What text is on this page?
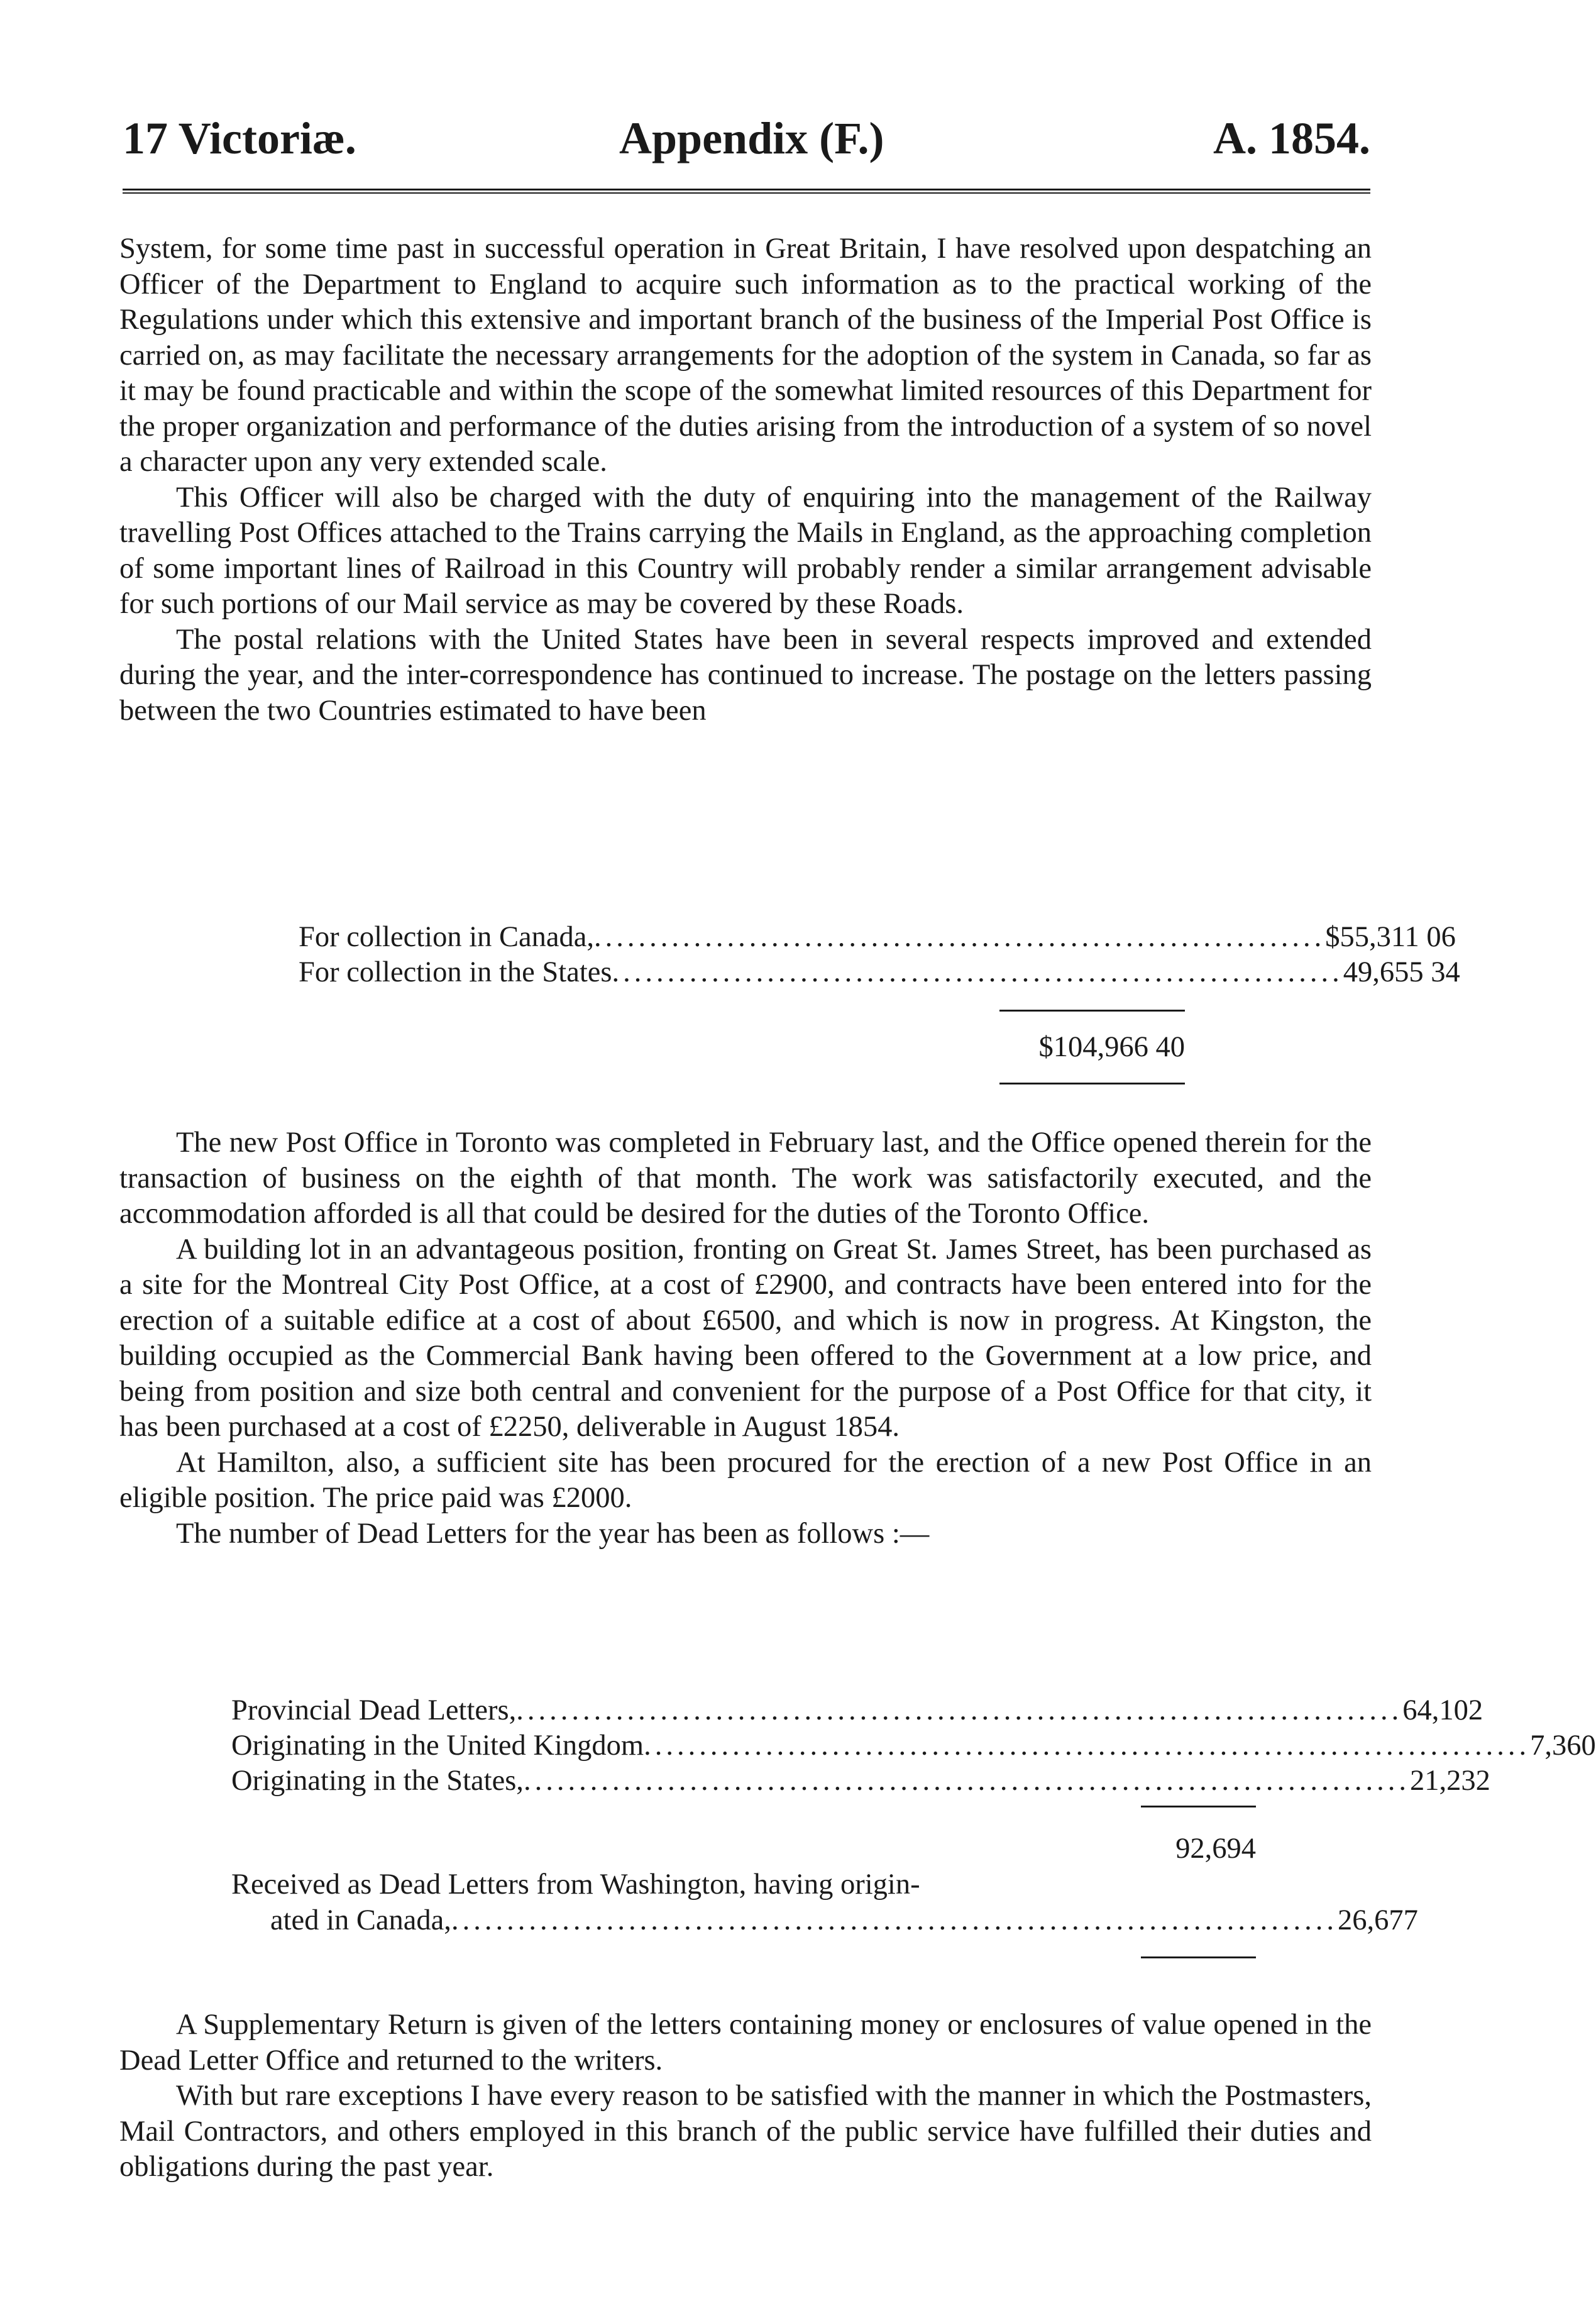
17 Victoriæ.	Appendix (F.)	A. 1854.

System, for some time past in successful operation in Great Britain, I have resolved upon despatching an Officer of the Department to England to acquire such information as to the practical working of the Regulations under which this extensive and important branch of the business of the Imperial Post Office is carried on, as may facilitate the necessary arrangements for the adoption of the system in Canada, so far as it may be found practicable and within the scope of the somewhat limited resources of this Department for the proper organization and performance of the duties arising from the introduction of a system of so novel a character upon any very extended scale.

This Officer will also be charged with the duty of enquiring into the management of the Railway travelling Post Offices attached to the Trains carrying the Mails in England, as the approaching completion of some important lines of Railroad in this Country will probably render a similar arrangement advisable for such portions of our Mail service as may be covered by these Roads.

The postal relations with the United States have been in several respects improved and extended during the year, and the inter-correspondence has continued to increase. The postage on the letters passing between the two Countries estimated to have been

For collection in Canada, .................................................................. $55,311 06
For collection in the States .................................................................. 49,655 34
$104,966 40

The new Post Office in Toronto was completed in February last, and the Office opened therein for the transaction of business on the eighth of that month. The work was satisfactorily executed, and the accommodation afforded is all that could be desired for the duties of the Toronto Office.

A building lot in an advantageous position, fronting on Great St. James Street, has been purchased as a site for the Montreal City Post Office, at a cost of £2900, and contracts have been entered into for the erection of a suitable edifice at a cost of about £6500, and which is now in progress. At Kingston, the building occupied as the Commercial Bank having been offered to the Government at a low price, and being from position and size both central and convenient for the purpose of a Post Office for that city, it has been purchased at a cost of £2250, deliverable in August 1854.

At Hamilton, also, a sufficient site has been procured for the erection of a new Post Office in an eligible position. The price paid was £2000.

The number of Dead Letters for the year has been as follows :—

Provincial Dead Letters, ................................................................................ 64,102
Originating in the United Kingdom ................................................................................ 7,360
Originating in the States, ................................................................................ 21,232
92,694
Received as Dead Letters from Washington, having origin-
ated in Canada, ................................................................................ 26,677

A Supplementary Return is given of the letters containing money or enclosures of value opened in the Dead Letter Office and returned to the writers.

With but rare exceptions I have every reason to be satisfied with the manner in which the Postmasters, Mail Contractors, and others employed in this branch of the public service have fulfilled their duties and obligations during the past year.
